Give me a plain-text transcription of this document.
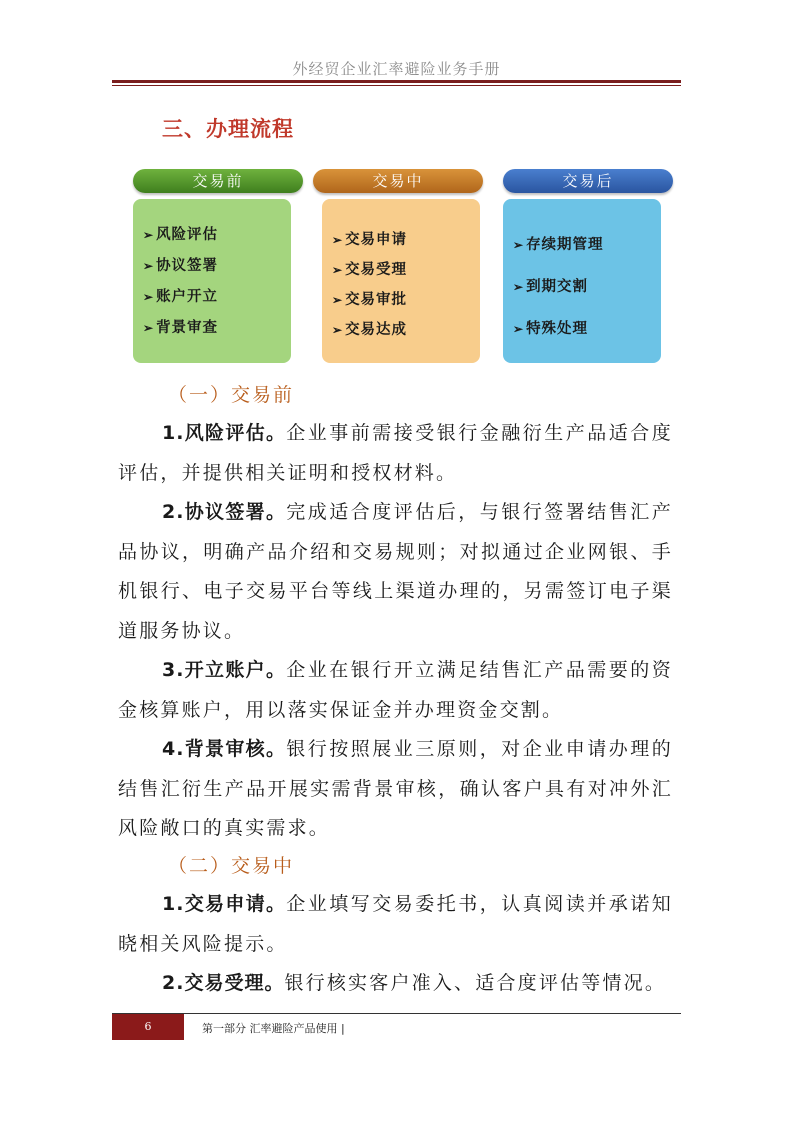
外经贸企业汇率避险业务手册
三、办理流程
交易前	交易中	交易后
➢ 风险评估
➢ 协议签署
➢ 账户开立
➢ 背景审查
➢ 交易申请
➢ 交易受理
➢ 交易审批
➢ 交易达成
➢ 存续期管理
➢ 到期交割
➢ 特殊处理
（一）交易前
1.风险评估。企业事前需接受银行金融衍生产品适合度评估，并提供相关证明和授权材料。
2.协议签署。完成适合度评估后，与银行签署结售汇产品协议，明确产品介绍和交易规则；对拟通过企业网银、手机银行、电子交易平台等线上渠道办理的，另需签订电子渠道服务协议。
3.开立账户。企业在银行开立满足结售汇产品需要的资金核算账户，用以落实保证金并办理资金交割。
4.背景审核。银行按照展业三原则，对企业申请办理的结售汇衍生产品开展实需背景审核，确认客户具有对冲外汇风险敞口的真实需求。
（二）交易中
1.交易申请。企业填写交易委托书，认真阅读并承诺知晓相关风险提示。
2.交易受理。银行核实客户准入、适合度评估等情况。
6	第一部分 汇率避险产品使用 |
